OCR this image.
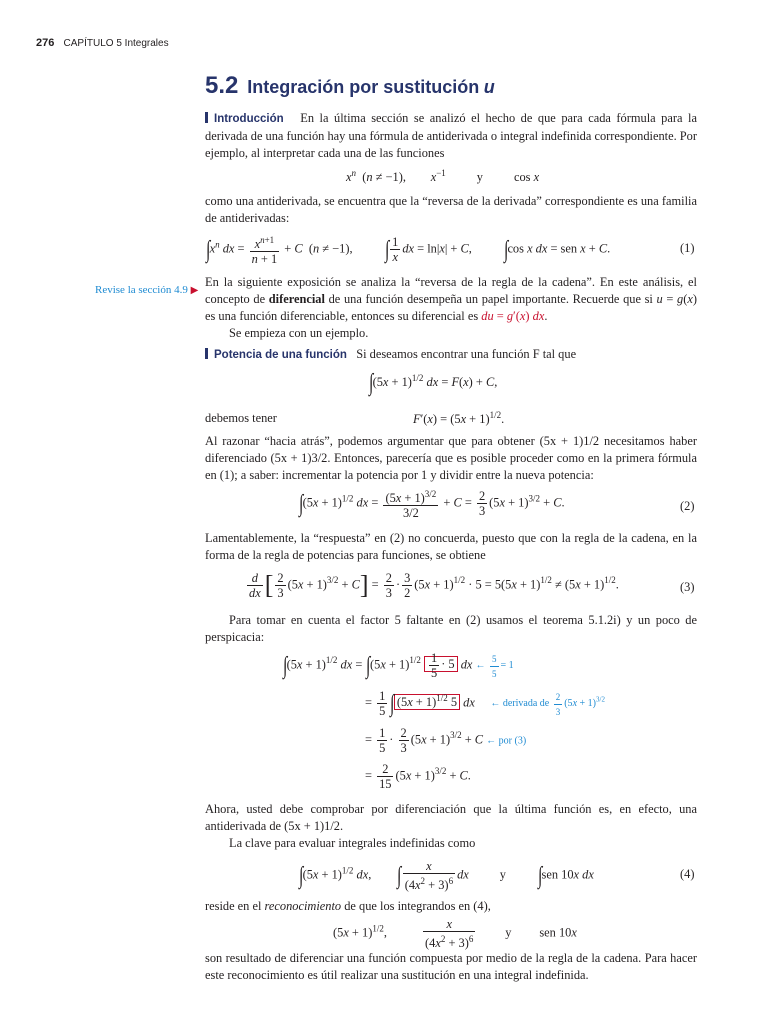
276 CAPÍTULO 5 Integrales
5.2 Integración por sustitución u

Introducción En la última sección se analizó el hecho de que para cada fórmula para la derivada de una función hay una fórmula de antiderivada o integral indefinida correspondiente. Por ejemplo, al interpretar cada una de las funciones

$x^n$  (n ≠ −1),        $x^{-1}$ y          cos x

como una antiderivada, se encuentra que la “reversa de la derivada” correspondiente es una familia de antiderivadas:

$\int x^n$ dx = $\frac{x^{n+1}}{n + 1} + C$  (n ≠ −1),          ∫ $\frac{1}{x}$ dx = ln|x| + C,          ∫cos x dx = sen x + C.	(1)
Revise la sección 4.9 ▶

En la siguiente exposición se analiza la “reversa de la regla de la cadena”. En este análisis, el concepto de diferencial de una función desempeña un papel importante. Recuerde que si u = g(x) es una función diferenciable, entonces su diferencial es du = g′(x) dx.

Se empieza con un ejemplo.

Potencia de una función Si deseamos encontrar una función F tal que

$\int(5x + 1)^{1/2}$ dx = F(x) + C,
debemos tener	$F'(x) = (5x + 1)^{1/2}$.

Al razonar “hacia atrás”, podemos argumentar que para obtener (5x + 1)1/2 necesitamos haber diferenciado (5x + 1)3/2. Entonces, parecería que es posible proceder como en la primera fórmula en (1); a saber: incrementar la potencia por 1 y dividir entre la nueva potencia:

$\int(5x + 1)^{1/2}$ dx = $\frac{(5x + 1)^{3/2}}{3/2} + C = \frac{2}{3} (5x + 1)^{3/2} + C$.	(2)

Lamentablemente, la “respuesta” en (2) no concuerda, puesto que con la regla de la cadena, en la forma de la regla de potencias para funciones, se obtiene

$\frac{d}{dx}$ [ $\frac{2}{3} (5x + 1)^{3/2} + C] = \frac{2}{3} \cdot \frac{3}{2} (5x + 1)^{1/2} \cdot 5 = 5(5x + 1)^{1/2} \ne (5x + 1)^{1/2}$.	(3)

Para tomar en cuenta el factor 5 faltante en (2) usamos el teorema 5.1.2i) y un poco de perspicacia:

$\int(5x + 1)^{1/2}$ dx = $\int(5x + 1)^{1/2} \frac{1}{5} \cdot 5$ dx ← $\frac{5}{5} = 1$
= $\frac{1}{5}$ ∫ $(5x + 1)^{1/2}$ 5 dx ← derivada de $\frac{2}{3} (5x + 1)^{3/2}$
= $\frac{1}{5} \cdot \frac{2}{3} (5x + 1)^{3/2} + C$ ← por (3)
= $\frac{2}{15} (5x + 1)^{3/2} + C$.

Ahora, usted debe comprobar por diferenciación que la última función es, en efecto, una antiderivada de (5x + 1)1/2.

La clave para evaluar integrales indefinidas como

$\int(5x + 1)^{1/2}$ dx,        ∫ $\frac{x}{(4x^2 + 3)^6}$ dx y ∫sen 10x dx	(4)
reside en el reconocimiento de que los integrandos en (4),
$(5x + 1)^{1/2}$, $\frac{x}{(4x^2 + 3)^6}$ y         sen 10x

son resultado de diferenciar una función compuesta por medio de la regla de la cadena. Para hacer este reconocimiento es útil realizar una sustitución en una integral indefinida.
